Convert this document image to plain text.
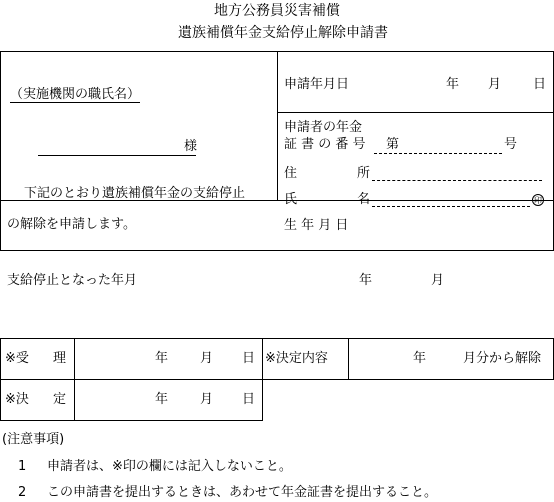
地方公務員災害補償
遺族補償年金支給停止解除申請書
（実施機関の職氏名）
様
下記のとおり遺族補償年金の支給停止
の解除を申請します。
申請年月日	年 月 日
申請者の年金
証 書 の 番 号 第	号
住	所
氏	名	印
生 年 月 日
支給停止となった年月	年	月
※受 理	年 月 日 ※決定内容	年	月分から解除
※決 定	年 月 日
(注意事項)
1 申請者は、※印の欄には記入しないこと。
2 この申請書を提出するときは、あわせて年金証書を提出すること。
